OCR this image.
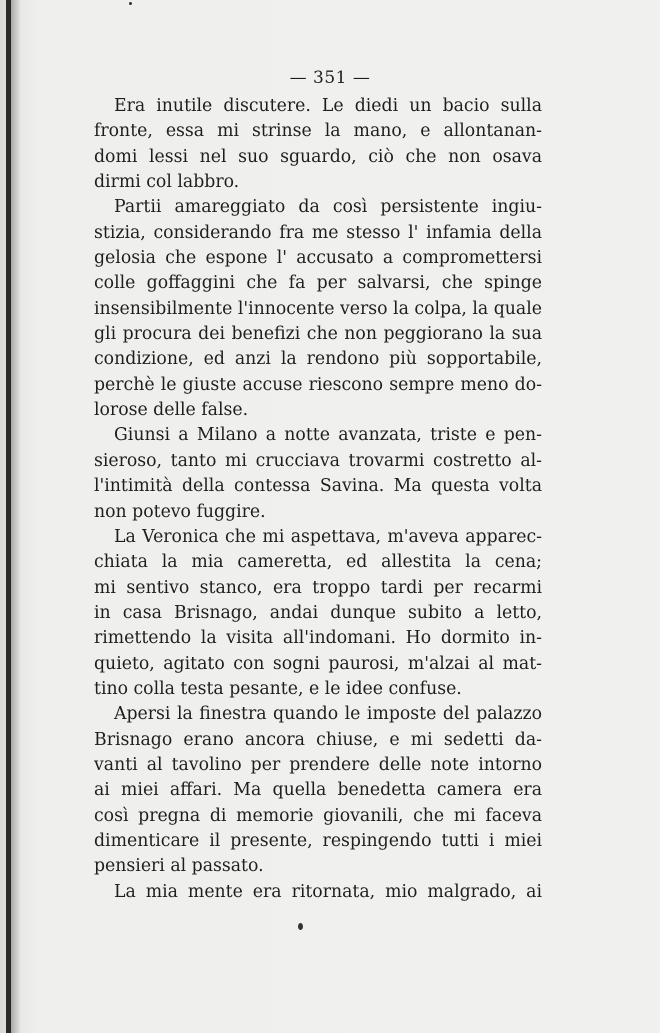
— 351 —
Era inutile discutere. Le diedi un bacio sulla
fronte, essa mi strinse la mano, e allontanan-
domi lessi nel suo sguardo, ciò che non osava
dirmi col labbro.
Partii amareggiato da così persistente ingiu-
stizia, considerando fra me stesso l' infamia della
gelosia che espone l' accusato a compromettersi
colle goffaggini che fa per salvarsi, che spinge
insensibilmente l'innocente verso la colpa, la quale
gli procura dei benefizi che non peggiorano la sua
condizione, ed anzi la rendono più sopportabile,
perchè le giuste accuse riescono sempre meno do-
lorose delle false.
Giunsi a Milano a notte avanzata, triste e pen-
sieroso, tanto mi crucciava trovarmi costretto al-
l'intimità della contessa Savina. Ma questa volta
non potevo fuggire.
La Veronica che mi aspettava, m'aveva apparec-
chiata la mia cameretta, ed allestita la cena;
mi sentivo stanco, era troppo tardi per recarmi
in casa Brisnago, andai dunque subito a letto,
rimettendo la visita all'indomani. Ho dormito in-
quieto, agitato con sogni paurosi, m'alzai al mat-
tino colla testa pesante, e le idee confuse.
Apersi la finestra quando le imposte del palazzo
Brisnago erano ancora chiuse, e mi sedetti da-
vanti al tavolino per prendere delle note intorno
ai miei affari. Ma quella benedetta camera era
così pregna di memorie giovanili, che mi faceva
dimenticare il presente, respingendo tutti i miei
pensieri al passato.
La mia mente era ritornata, mio malgrado, ai
